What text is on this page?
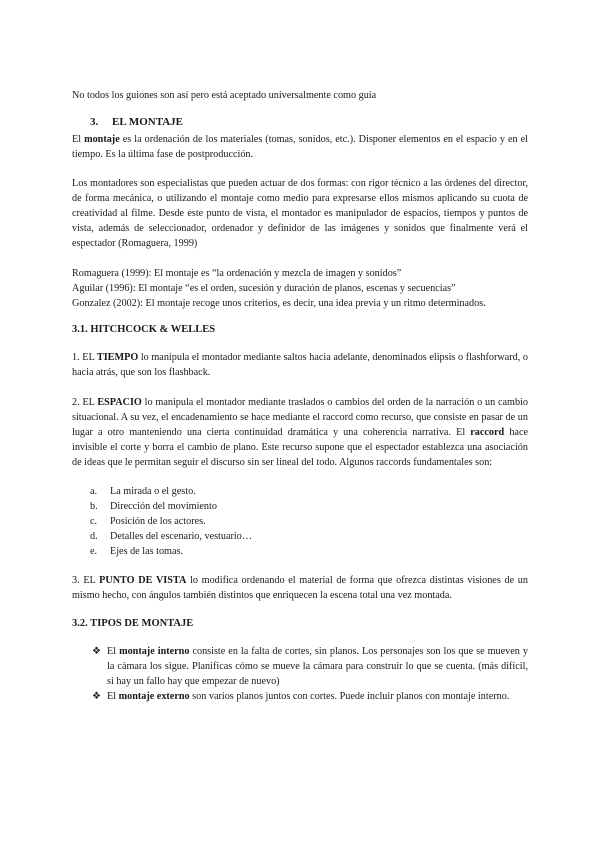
No todos los guiones son así pero está aceptado universalmente como guía

3. EL MONTAJE

El montaje es la ordenación de los materiales (tomas, sonidos, etc.). Disponer elementos en el espacio y en el tiempo. Es la última fase de postproducción.

Los montadores son especialistas que pueden actuar de dos formas: con rigor técnico a las órdenes del director, de forma mecánica, o utilizando el montaje como medio para expresarse ellos mismos aplicando su cuota de creatividad al filme. Desde este punto de vista, el montador es manipulador de espacios, tiempos y puntos de vista, además de seleccionador, ordenador y definidor de las imágenes y sonidos que finalmente verá el espectador (Romaguera, 1999)

Romaguera (1999): El montaje es “la ordenación y mezcla de imagen y sonidos”
Aguilar (1996): El montaje “es el orden, sucesión y duración de planos, escenas y secuencias”
Gonzalez (2002): El montaje recoge unos criterios, es decir, una idea previa y un ritmo determinados.

3.1. HITCHCOCK & WELLES

1. EL TIEMPO lo manipula el montador mediante saltos hacia adelante, denominados elipsis o flashforward, o hacia atrás, que son los flashback.

2. EL ESPACIO lo manipula el montador mediante traslados o cambios del orden de la narración o un cambio situacional. A su vez, el encadenamiento se hace mediante el raccord como recurso, que consiste en pasar de un lugar a otro manteniendo una cierta continuidad dramática y una coherencia narrativa. El raccord hace invisible el corte y borra el cambio de plano. Este recurso supone que el espectador establezca una asociación de ideas que le permitan seguir el discurso sin ser lineal del todo. Algunos raccords fundamentales son:

a. La mirada o el gesto.
b. Dirección del movimiento
c. Posición de los actores.
d. Detalles del escenario, vestuario…
e. Ejes de las tomas.

3. EL PUNTO DE VISTA lo modifica ordenando el material de forma que ofrezca distintas visiones de un mismo hecho, con ángulos también distintos que enriquecen la escena total una vez montada.

3.2. TIPOS DE MONTAJE

❖ El montaje interno consiste en la falta de cortes, sin planos. Los personajes son los que se mueven y la cámara los sigue. Planificas cómo se mueve la cámara para construir lo que se cuenta. (más difícil, si hay un fallo hay que empezar de nuevo)
❖ El montaje externo son varios planos juntos con cortes. Puede incluir planos con montaje interno.
